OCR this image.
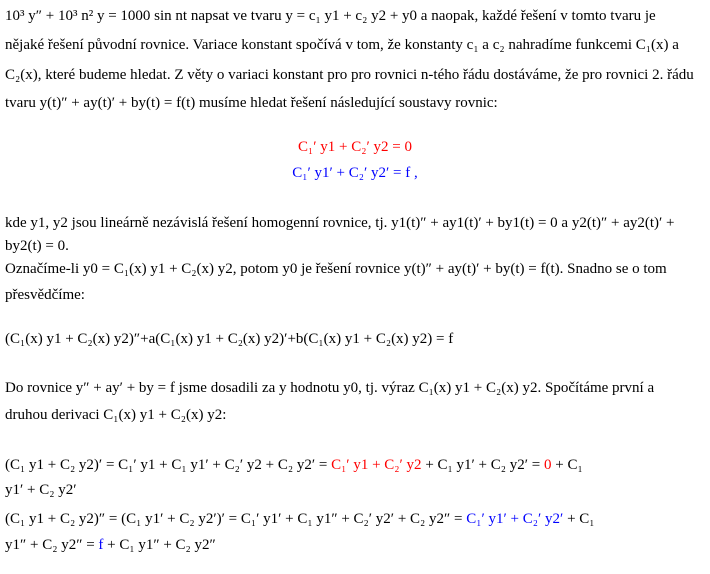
10³ y″ + 10³ n² y = 1000 sin nt napsat ve tvaru y = c₁ y1 + c₂ y2 + y0 a naopak, každé řešení v tomto tvaru je
nějaké řešení původní rovnice. Variace konstant spočívá v tom, že konstanty c₁ a c₂ nahradíme funkcemi C₁(x) a
C₂(x), které budeme hledat. Z věty o variaci konstant pro pro rovnici n-tého řádu dostáváme, že pro rovnici 2. řádu
tvaru y(t)″ + ay(t)′ + by(t) = f(t) musíme hledat řešení následující soustavy rovnic:
C₁′ y1 + C₂′ y2 = 0
C₁′ y1′ + C₂′ y2′ = f ,
kde y1, y2 jsou lineárně nezávislá řešení homogenní rovnice, tj. y1(t)″ + ay1(t)′ + by1(t) = 0 a y2(t)″ + ay2(t)′ +
by2(t) = 0.
Označíme-li y0 = C₁(x) y1 + C₂(x) y2, potom y0 je řešení rovnice y(t)″ + ay(t)′ + by(t) = f(t). Snadno se o tom
přesvědčíme:
(C₁(x) y1 + C₂(x) y2)″+a(C₁(x) y1 + C₂(x) y2)′+b(C₁(x) y1 + C₂(x) y2) = f
Do rovnice y″ + ay′ + by = f jsme dosadili za y hodnotu y0, tj. výraz C₁(x) y1 + C₂(x) y2. Spočítáme první a
druhou derivaci C₁(x) y1 + C₂(x) y2:
(C₁ y1 + C₂ y2)′ = C₁′ y1 + C₁ y1′ + C₂′ y2 + C₂ y2′ = C₁′ y1 + C₂′ y2 + C₁ y1′ + C₂ y2′ = 0 + C₁
y1′ + C₂ y2′
(C₁ y1 + C₂ y2)″ = (C₁ y1′ + C₂ y2′)′ = C₁′ y1′ + C₁ y1″ + C₂′ y2′ + C₂ y2″ = C₁′ y1′ + C₂′ y2′ + C₁
y1″ + C₂ y2″ = f + C₁ y1″ + C₂ y2″
